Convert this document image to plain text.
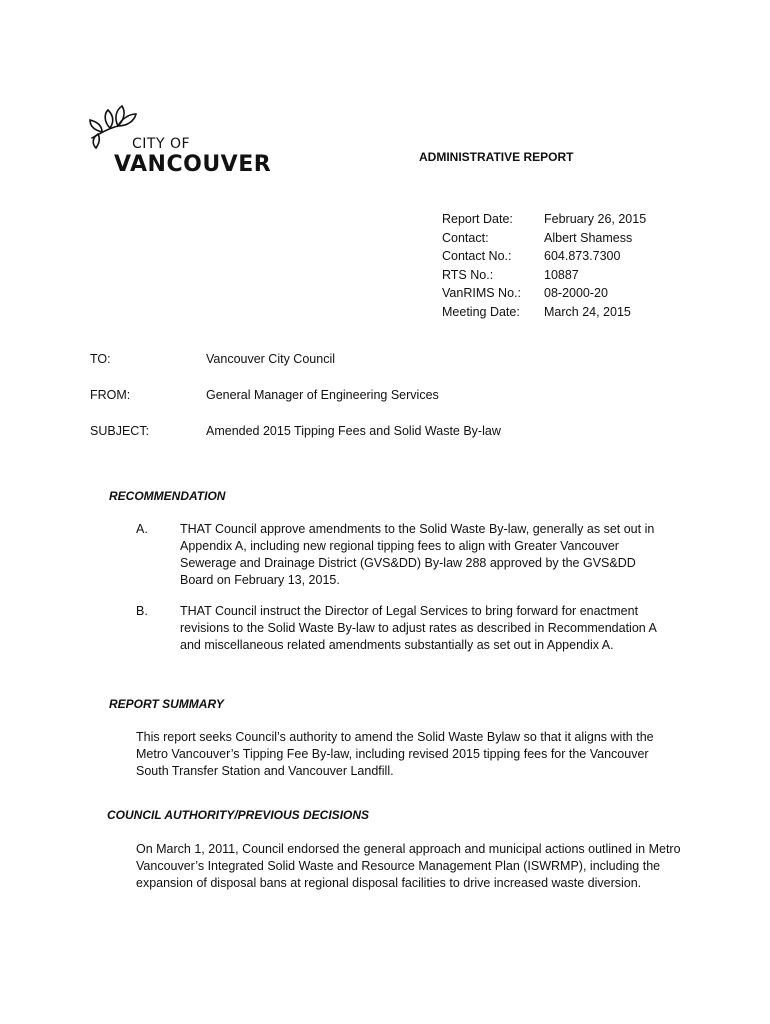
CITY OF
VANCOUVER	ADMINISTRATIVE REPORT
Report Date:	February 26, 2015
Contact:	Albert Shamess
Contact No.:	604.873.7300
RTS No.:	10887
VanRIMS No.:	08-2000-20
Meeting Date:	March 24, 2015
TO:	Vancouver City Council
FROM:	General Manager of Engineering Services
SUBJECT:	Amended 2015 Tipping Fees and Solid Waste By-law
RECOMMENDATION
A.	THAT Council approve amendments to the Solid Waste By-law, generally as set out in Appendix A, including new regional tipping fees to align with Greater Vancouver Sewerage and Drainage District (GVS&DD) By-law 288 approved by the GVS&DD Board on February 13, 2015.
B.	THAT Council instruct the Director of Legal Services to bring forward for enactment revisions to the Solid Waste By-law to adjust rates as described in Recommendation A and miscellaneous related amendments substantially as set out in Appendix A.
REPORT SUMMARY
This report seeks Council’s authority to amend the Solid Waste Bylaw so that it aligns with the Metro Vancouver’s Tipping Fee By-law, including revised 2015 tipping fees for the Vancouver South Transfer Station and Vancouver Landfill.
COUNCIL AUTHORITY/PREVIOUS DECISIONS
On March 1, 2011, Council endorsed the general approach and municipal actions outlined in Metro Vancouver’s Integrated Solid Waste and Resource Management Plan (ISWRMP), including the expansion of disposal bans at regional disposal facilities to drive increased waste diversion.
